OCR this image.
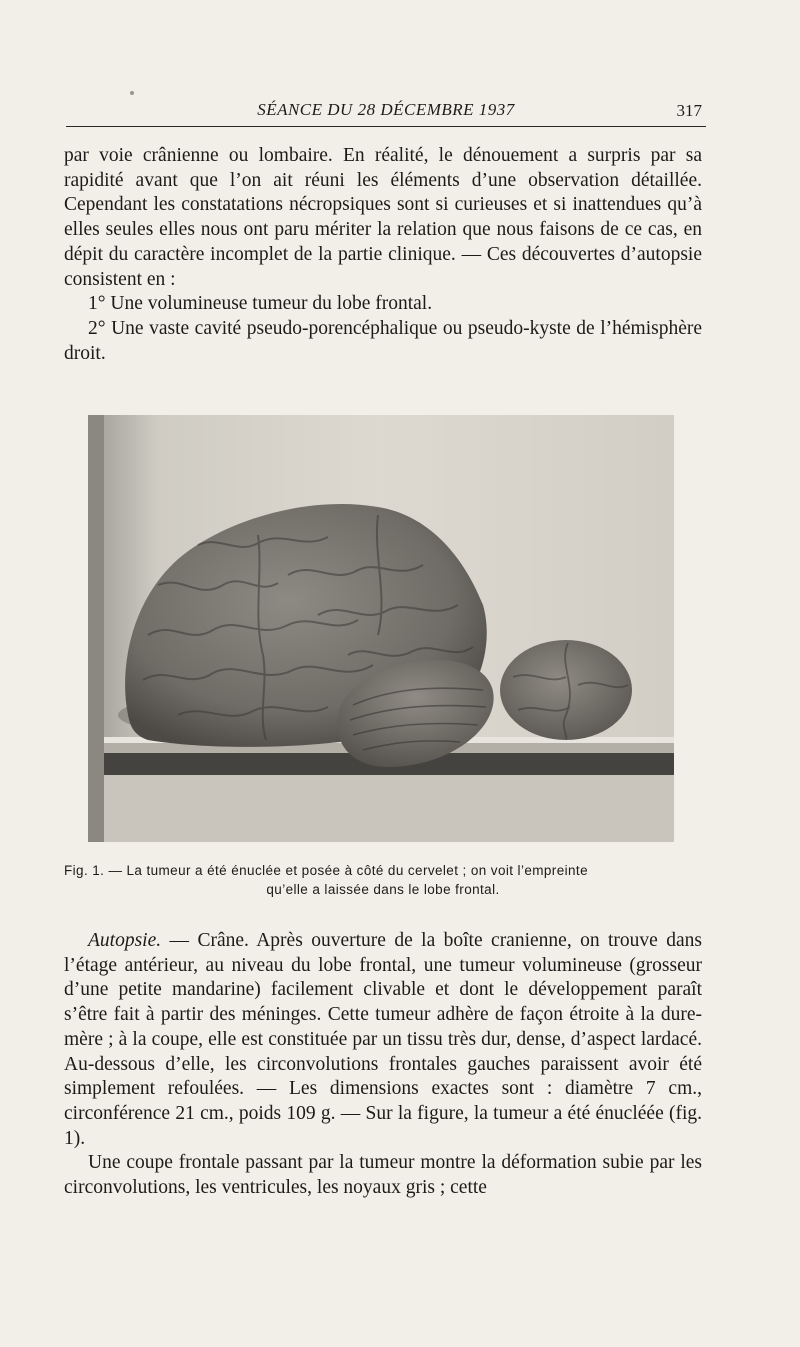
SÉANCE DU 28 DÉCEMBRE 1937	317

par voie crânienne ou lombaire. En réalité, le dénouement a surpris par sa rapidité avant que l’on ait réuni les éléments d’une observation détaillée. Cependant les constatations nécropsiques sont si curieuses et si inattendues qu’à elles seules elles nous ont paru mériter la relation que nous faisons de ce cas, en dépit du caractère incomplet de la partie clinique. — Ces découvertes d’autopsie consistent en :

1° Une volumineuse tumeur du lobe frontal.

2° Une vaste cavité pseudo-porencéphalique ou pseudo-kyste de l’hémisphère droit.

Fig. 1. — La tumeur a été énuclée et posée à côté du cervelet ; on voit l’empreinte
qu’elle a laissée dans le lobe frontal.

Autopsie. — Crâne. Après ouverture de la boîte cranienne, on trouve dans l’étage antérieur, au niveau du lobe frontal, une tumeur volumineuse (grosseur d’une petite mandarine) facilement clivable et dont le développement paraît s’être fait à partir des méninges. Cette tumeur adhère de façon étroite à la dure-mère ; à la coupe, elle est constituée par un tissu très dur, dense, d’aspect lardacé. Au-dessous d’elle, les circonvolutions frontales gauches paraissent avoir été simplement refoulées. — Les dimensions exactes sont : diamètre 7 cm., circonférence 21 cm., poids 109 g. — Sur la figure, la tumeur a été énucléée (fig. 1).

Une coupe frontale passant par la tumeur montre la déformation subie par les circonvolutions, les ventricules, les noyaux gris ; cette
